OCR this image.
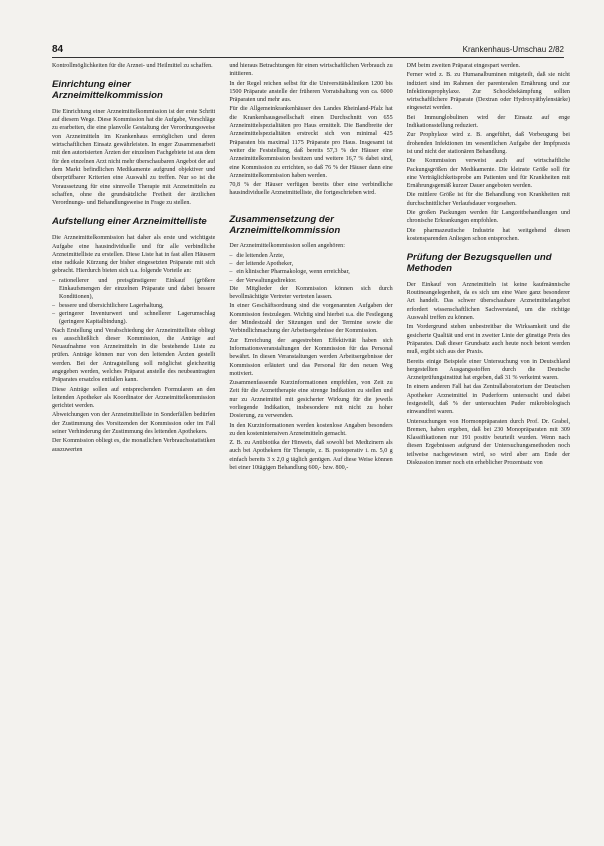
84	Krankenhaus-Umschau 2/82

Kontrollmöglichkeiten für die Arznei- und Heilmittel zu schaffen.

Einrichtung einer Arzneimittelkommission

Die Einrichtung einer Arzneimittelkommission ist der erste Schritt auf diesem Wege. Diese Kommission hat die Aufgabe, Vorschläge zu erarbeiten, die eine planvolle Gestaltung der Verordnungsweise von Arzneimitteln im Krankenhaus ermöglichen und deren wirtschaftlichen Einsatz gewährleisten. In enger Zusammenarbeit mit den autorisierten Ärzten der einzelnen Fachgebiete ist aus dem für den einzelnen Arzt nicht mehr überschaubaren Angebot der auf dem Markt befindlichen Medikamente aufgrund objektiver und überprüfbarer Kriterien eine Auswahl zu treffen. Nur so ist die Voraussetzung für eine sinnvolle Therapie mit Arzneimitteln zu schaffen, ohne die grundsätzliche Freiheit der ärztlichen Verordnungs- und Behandlungsweise in Frage zu stellen.

Aufstellung einer Arzneimittelliste

Die Arzneimittelkommission hat daher als erste und wichtigste Aufgabe eine hausindividuelle und für alle verbindliche Arzneimittelliste zu erstellen. Diese Liste hat in fast allen Häusern eine radikale Kürzung der bisher eingesetzten Präparate mit sich gebracht. Hierdurch bieten sich u.a. folgende Vorteile an:

– rationellerer und preisgünstigerer Einkauf (größere Einkaufsmengen der einzelnen Präparate und dabei bessere Konditionen),
– bessere und übersichtlichere Lagerhaltung,
– geringerer Inventurwert und schnellerer Lagerumschlag (geringere Kapitalbindung).

Nach Erstellung und Verabschiedung der Arzneimittelliste obliegt es ausschließlich dieser Kommission, die Anträge auf Neuaufnahme von Arzneimitteln in die bestehende Liste zu prüfen. Anträge können nur von den leitenden Ärzten gestellt werden. Bei der Antragstellung soll möglichst gleichzeitig angegeben werden, welches Präparat anstelle des neubeantragten Präparates ersatzlos entfallen kann.

Diese Anträge sollen auf entsprechenden Formularen an den leitenden Apotheker als Koordinator der Arzneimittelkommission gerichtet werden.

Abweichungen von der Arzneimittelliste in Sonderfällen bedürfen der Zustimmung des Vorsitzenden der Kommission oder im Fall seiner Verhinderung der Zustimmung des leitenden Apothekers.

Der Kommission obliegt es, die monatlichen Verbrauchsstatistiken auszuwerten

und hieraus Betrachtungen für einen wirtschaftlichen Verbrauch zu initiieren.

In der Regel reichen selbst für die Universitätskliniken 1200 bis 1500 Präparate anstelle der früheren Vorratshaltung von ca. 6000 Präparaten und mehr aus.

Für die Allgemeinkrankenhäuser des Landes Rheinland-Pfalz hat die Krankenhausgesellschaft einen Durchschnitt von 655 Arzneimittelspezialitäten pro Haus ermittelt. Die Bandbreite der Arzneimittelspezialitäten erstreckt sich von minimal 425 Präparaten bis maximal 1175 Präparate pro Haus. Insgesamt ist weiter die Feststellung, daß bereits 57,3 % der Häuser eine Arzneimittelkommission besitzen und weitere 16,7 % dabei sind, eine Kommission zu errichten, so daß 76 % der Häuser dann eine Arzneimittelkommission haben werden.

70,8 % der Häuser verfügen bereits über eine verbindliche hausindividuelle Arzneimittelliste, die fortgeschrieben wird.

Zusammensetzung der Arzneimittelkommission

Der Arzneimittelkommission sollen angehören:

– die leitenden Ärzte,
– der leitende Apotheker,
– ein klinischer Pharmakologe, wenn erreichbar,
– der Verwaltungsdirektor.

Die Mitglieder der Kommission können sich durch bevollmächtigte Vertreter vertreten lassen.

In einer Geschäftsordnung sind die vorgenannten Aufgaben der Kommission festzulegen. Wichtig sind hierbei u.a. die Festlegung der Mindestzahl der Sitzungen und der Termine sowie die Verbindlichmachung der Arbeitsergebnisse der Kommission.

Zur Erreichung der angestrebten Effektivität haben sich Informationsveranstaltungen der Kommission für das Personal bewährt. In diesen Veranstaltungen werden Arbeitsergebnisse der Kommission erläutert und das Personal für den neuen Weg motiviert.

Zusammenfassende Kurzinformationen empfehlen, von Zeit zu Zeit für die Arzneitherapie eine strenge Indikation zu stellen und nur zu Arzneimittel mit gesicherter Wirkung für die jeweils vorliegende Indikation, insbesondere mit nicht zu hoher Dosierung, zu verwenden.

In den Kurzinformationen werden kostenlose Angaben besonders zu den kostenintensiven Arzneimitteln gemacht.

Z. B. zu Antibiotika der Hinweis, daß sowohl bei Medizinern als auch bei Apothekern für Therapie, z. B. postoperativ i. m. 5,0 g einfach bereits 3 x 2,0 g täglich genügen. Auf diese Weise können bei einer 10tägigen Behandlung 600,- bzw. 800,-

DM beim zweiten Präparat eingespart werden.

Ferner wird z. B. zu Humanalbuminen mitgeteilt, daß sie nicht indiziert sind im Rahmen der parenteralen Ernährung und zur Infektionsprophylaxe. Zur Schockbekämpfung sollten wirtschaftlichere Präparate (Dextran oder Hydroxyäthylenstärke) eingesetzt werden.

Bei Immunglobulinen wird der Einsatz auf enge Indikationsstellung reduziert.

Zur Prophylaxe wird z. B. angeführt, daß Vorbeugung bei drohenden Infektionen im wesentlichen Aufgabe der Impfpraxis ist und nicht der stationären Behandlung.

Die Kommission verweist auch auf wirtschaftliche Packungsgrößen der Medikamente. Die kleinste Größe soll für eine Verträglichkeitsprobe am Patienten und für Krankheiten mit Ernährungsgemäß kurzer Dauer angeboten werden.

Die mittlere Größe ist für die Behandlung von Krankheiten mit durchschnittlicher Verlaufsdauer vorgesehen.

Die großen Packungen werden für Langzeitbehandlungen und chronische Erkrankungen empfohlen.

Die pharmazeutische Industrie hat weitgehend diesen kostensparenden Anliegen schon entsprochen.

Prüfung der Bezugsquellen und Methoden

Der Einkauf von Arzneimitteln ist keine kaufmännische Routineangelegenheit, da es sich um eine Ware ganz besonderer Art handelt. Das schwer überschaubare Arzneimittelangebot erfordert wissenschaftlichen Sachverstand, um die richtige Auswahl treffen zu können.

Im Vordergrund stehen unbestreitbar die Wirksamkeit und die gesicherte Qualität und erst in zweiter Linie der günstige Preis des Präparates. Daß dieser Grundsatz auch heute noch betont werden muß, ergibt sich aus der Praxis.

Bereits einige Beispiele einer Untersuchung von in Deutschland hergestellten Ausgangsstoffen durch die Deutsche Arzneiprüfungsinstitut hat ergeben, daß 31 % verkeimt waren.

In einem anderen Fall hat das Zentrallaboratorium der Deutschen Apotheker Arzneimittel in Puderform untersucht und dabei festgestellt, daß % der untersuchten Puder mikrobiologisch einwandfrei waren.

Untersuchungen von Hormonpräparaten durch Prof. Dr. Grabel, Bremen, haben ergeben, daß bei 230 Monopräparaten mit 309 Klassifikationen nur 191 positiv beurteilt wurden. Wenn nach diesen Ergebnissen aufgrund der Untersuchungsmethoden noch teilweise nachgewiesen wird, so wird aber am Ende der Diskussion immer noch ein erheblicher Prozentsatz von
